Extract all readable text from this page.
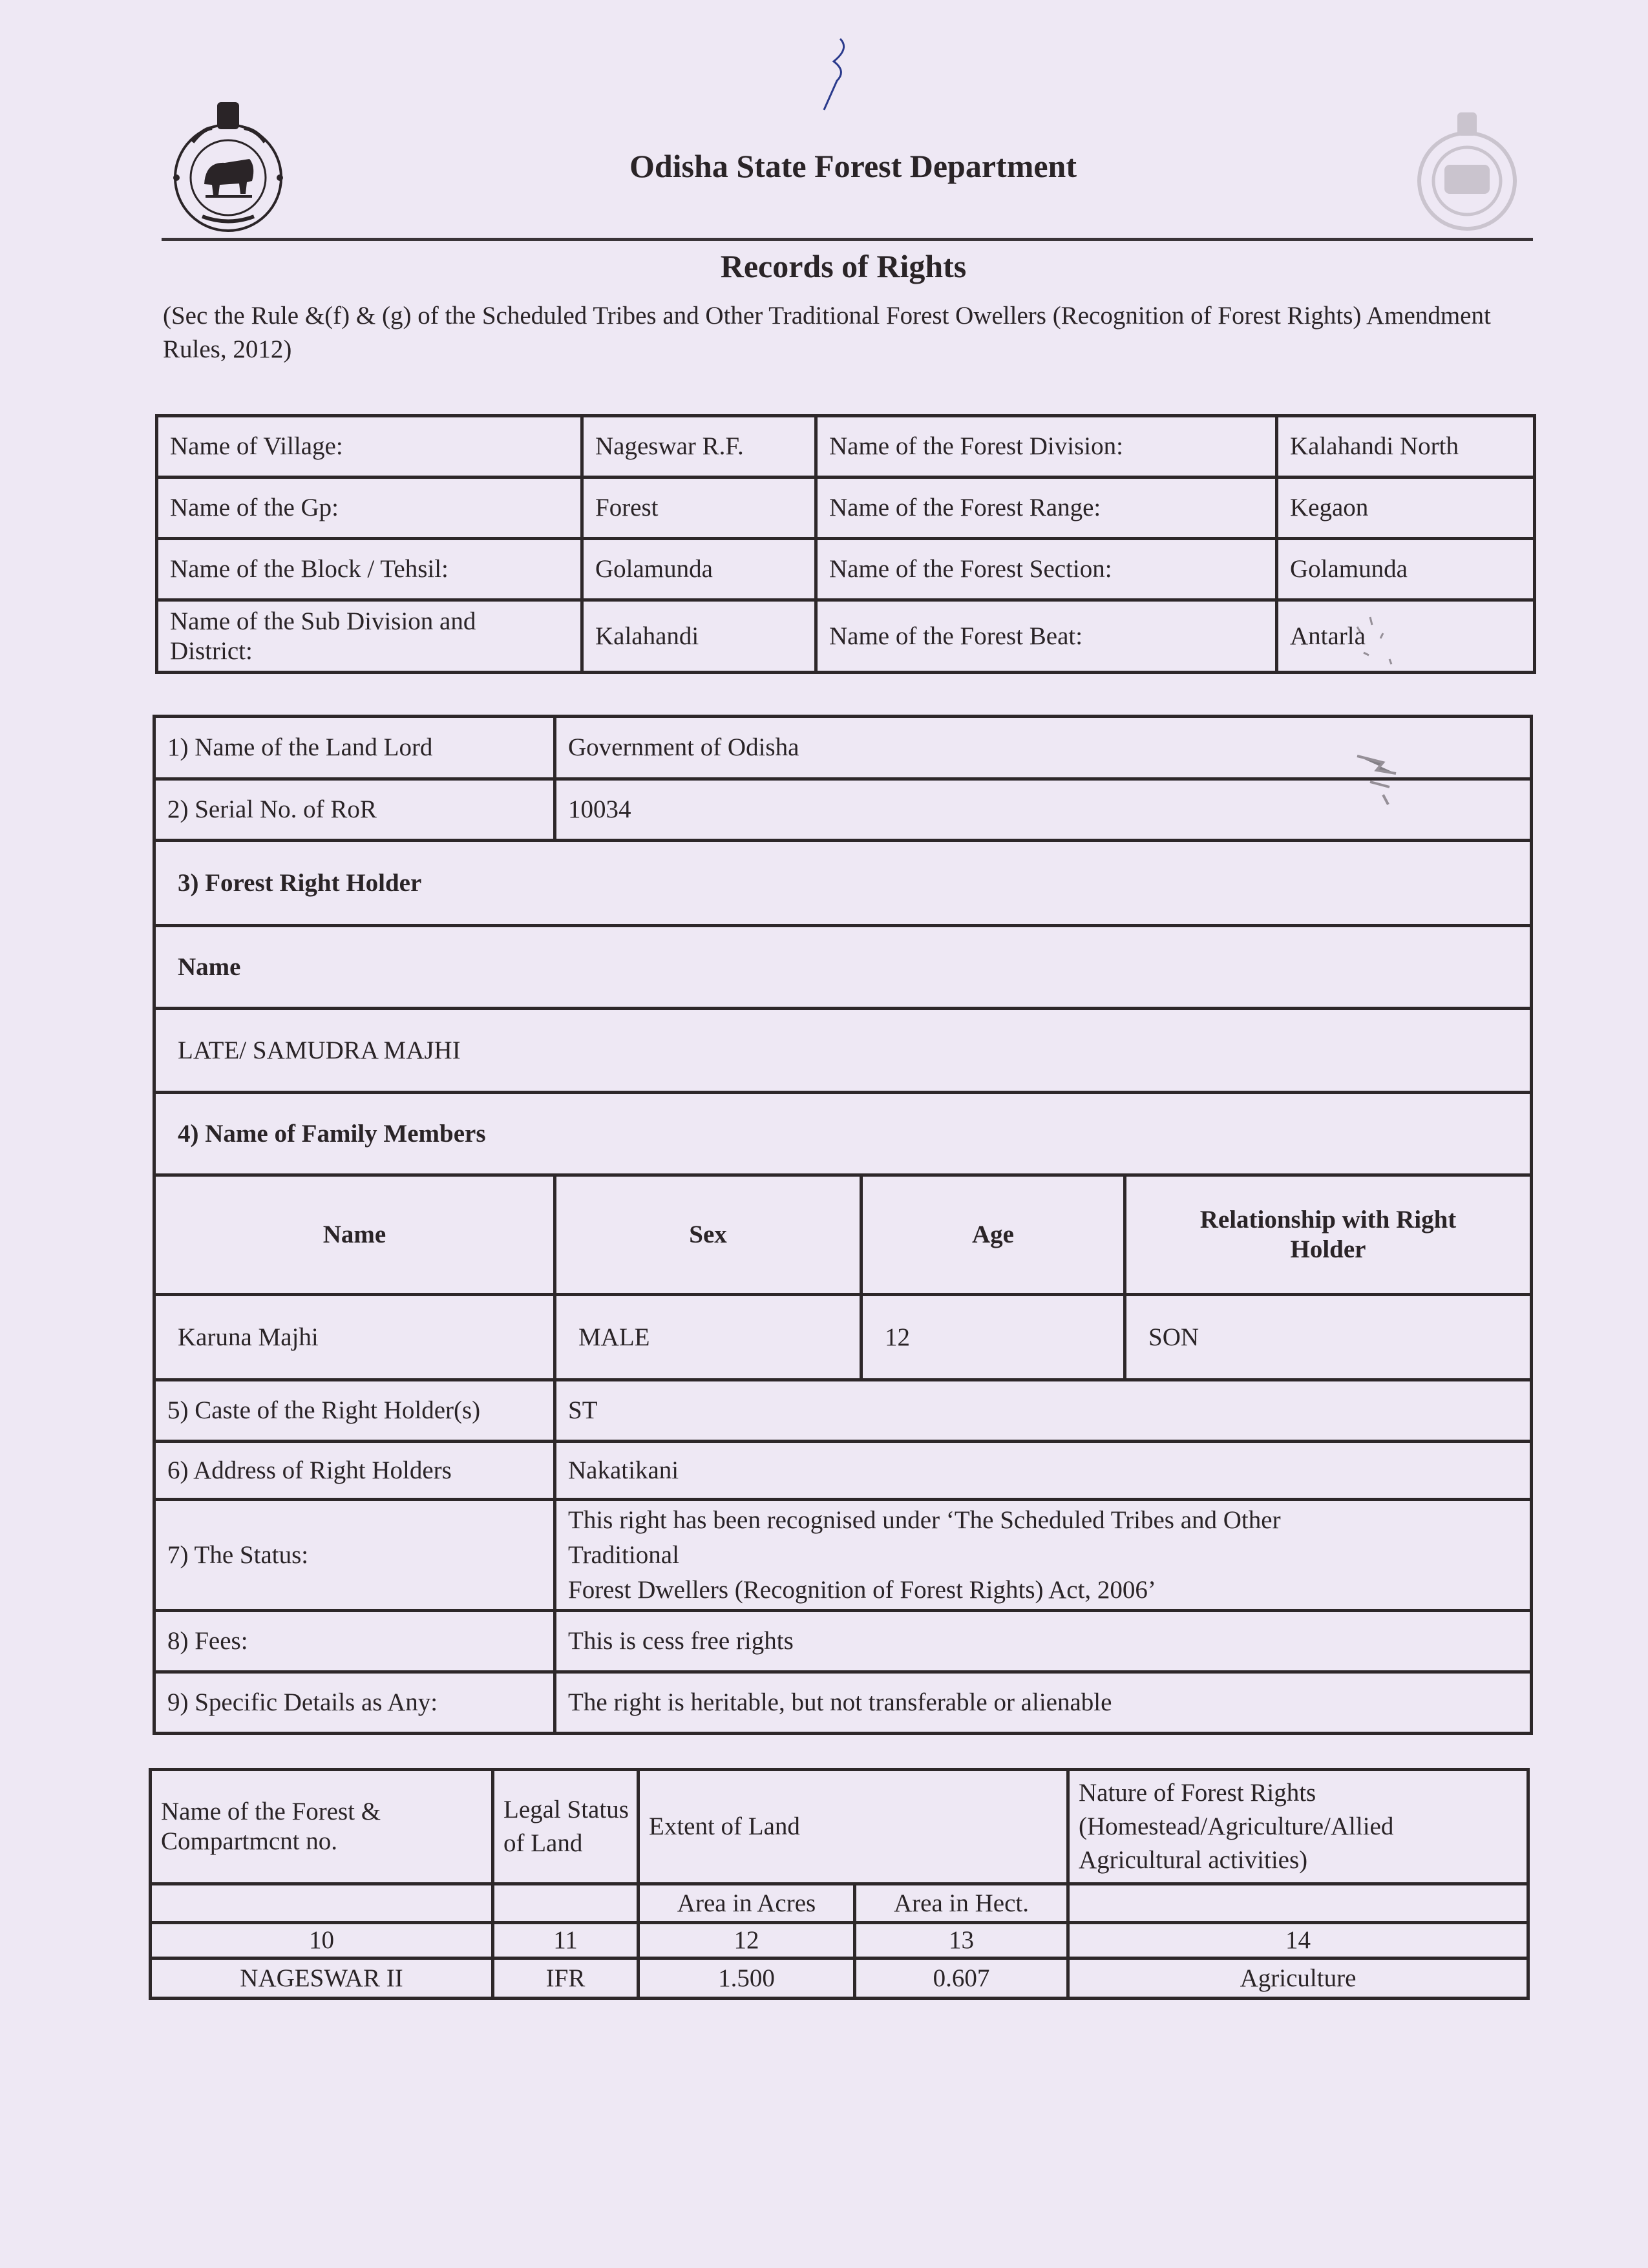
Odisha State Forest Department
Records of Rights
(Sec the Rule &(f) & (g) of the Scheduled Tribes and Other Traditional Forest Owellers (Recognition of Forest Rights) Amendment Rules, 2012)
Name of Village:	Nageswar R.F.	Name of the Forest Division:	Kalahandi North
Name of the Gp:	Forest	Name of the Forest Range:	Kegaon
Name of the Block / Tehsil:	Golamunda	Name of the Forest Section:	Golamunda
Name of the Sub Division and District:	Kalahandi	Name of the Forest Beat:	Antarla
1) Name of the Land Lord	Government of Odisha		
2) Serial No. of RoR	10034		
3) Forest Right Holder			
Name			
LATE/ SAMUDRA MAJHI			
4) Name of Family Members			
Name	Sex	Age	Relationship with Right Holder
Karuna Majhi	MALE	12	SON
5) Caste of the Right Holder(s)	ST		
6) Address of Right Holders	Nakatikani		
7) The Status:	This right has been recognised under ‘The Scheduled Tribes and Other
Traditional
Forest Dwellers (Recognition of Forest Rights) Act, 2006’		

8) Fees:	This is cess free rights		
9) Specific Details as Any:	The right is heritable, but not transferable or alienable		
Name of the Forest & Compartmcnt no.	Legal Status of Land	Extent of Land		Nature of Forest Rights (Homestead/Agriculture/Allied Agricultural activities)
		Area in Acres	Area in Hect.	
10	11	12	13	14
NAGESWAR II	IFR	1.500	0.607	Agriculture
